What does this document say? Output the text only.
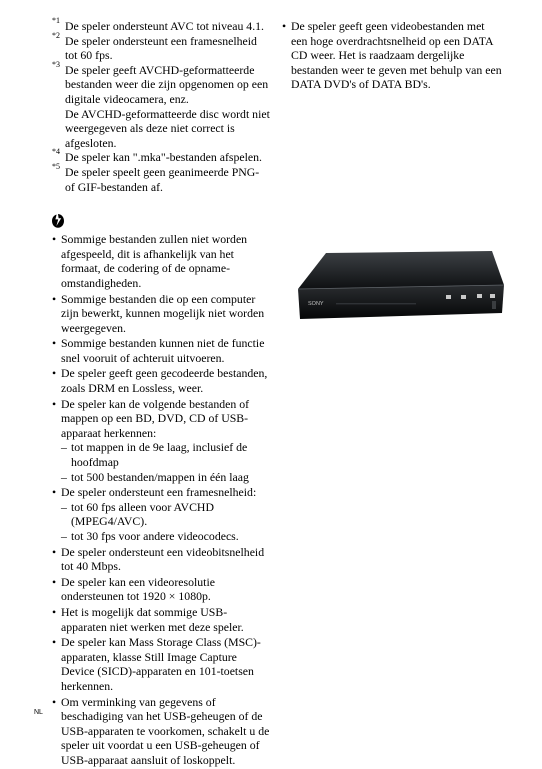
*1 De speler ondersteunt AVC tot niveau 4.1.

*2 De speler ondersteunt een framesnelheid tot 60 fps.

*3 De speler geeft AVCHD-geformatteerde bestanden weer die zijn opgenomen op een digitale videocamera, enz.

De AVCHD-geformatteerde disc wordt niet weergegeven als deze niet correct is afgesloten.

*4 De speler kan ".mka"-bestanden afspelen.

*5 De speler speelt geen geanimeerde PNG- of GIF-bestanden af.

• Sommige bestanden zullen niet worden afgespeeld, dit is afhankelijk van het formaat, de codering of de opname-omstandigheden.
• Sommige bestanden die op een computer zijn bewerkt, kunnen mogelijk niet worden weergegeven.
• Sommige bestanden kunnen niet de functie snel vooruit of achteruit uitvoeren.
• De speler geeft geen gecodeerde bestanden, zoals DRM en Lossless, weer.
• De speler kan de volgende bestanden of mappen op een BD, DVD, CD of USB-apparaat herkennen:
– tot mappen in de 9e laag, inclusief de hoofdmap
– tot 500 bestanden/mappen in één laag
• De speler ondersteunt een framesnelheid:
– tot 60 fps alleen voor AVCHD (MPEG4/AVC).
– tot 30 fps voor andere videocodecs.
• De speler ondersteunt een videobitsnelheid tot 40 Mbps.
• De speler kan een videoresolutie ondersteunen tot 1920 × 1080p.
• Het is mogelijk dat sommige USB-apparaten niet werken met deze speler.
• De speler kan Mass Storage Class (MSC)-apparaten, klasse Still Image Capture Device (SICD)-apparaten en 101-toetsen herkennen.
• Om verminking van gegevens of beschadiging van het USB-geheugen of de USB-apparaten te voorkomen, schakelt u de speler uit voordat u een USB-geheugen of USB-apparaat aansluit of loskoppelt.

• De speler geeft geen videobestanden met een hoge overdrachtsnelheid op een DATA CD weer. Het is raadzaam dergelijke bestanden weer te geven met behulp van een DATA DVD's of DATA BD's.

SONY
NL
